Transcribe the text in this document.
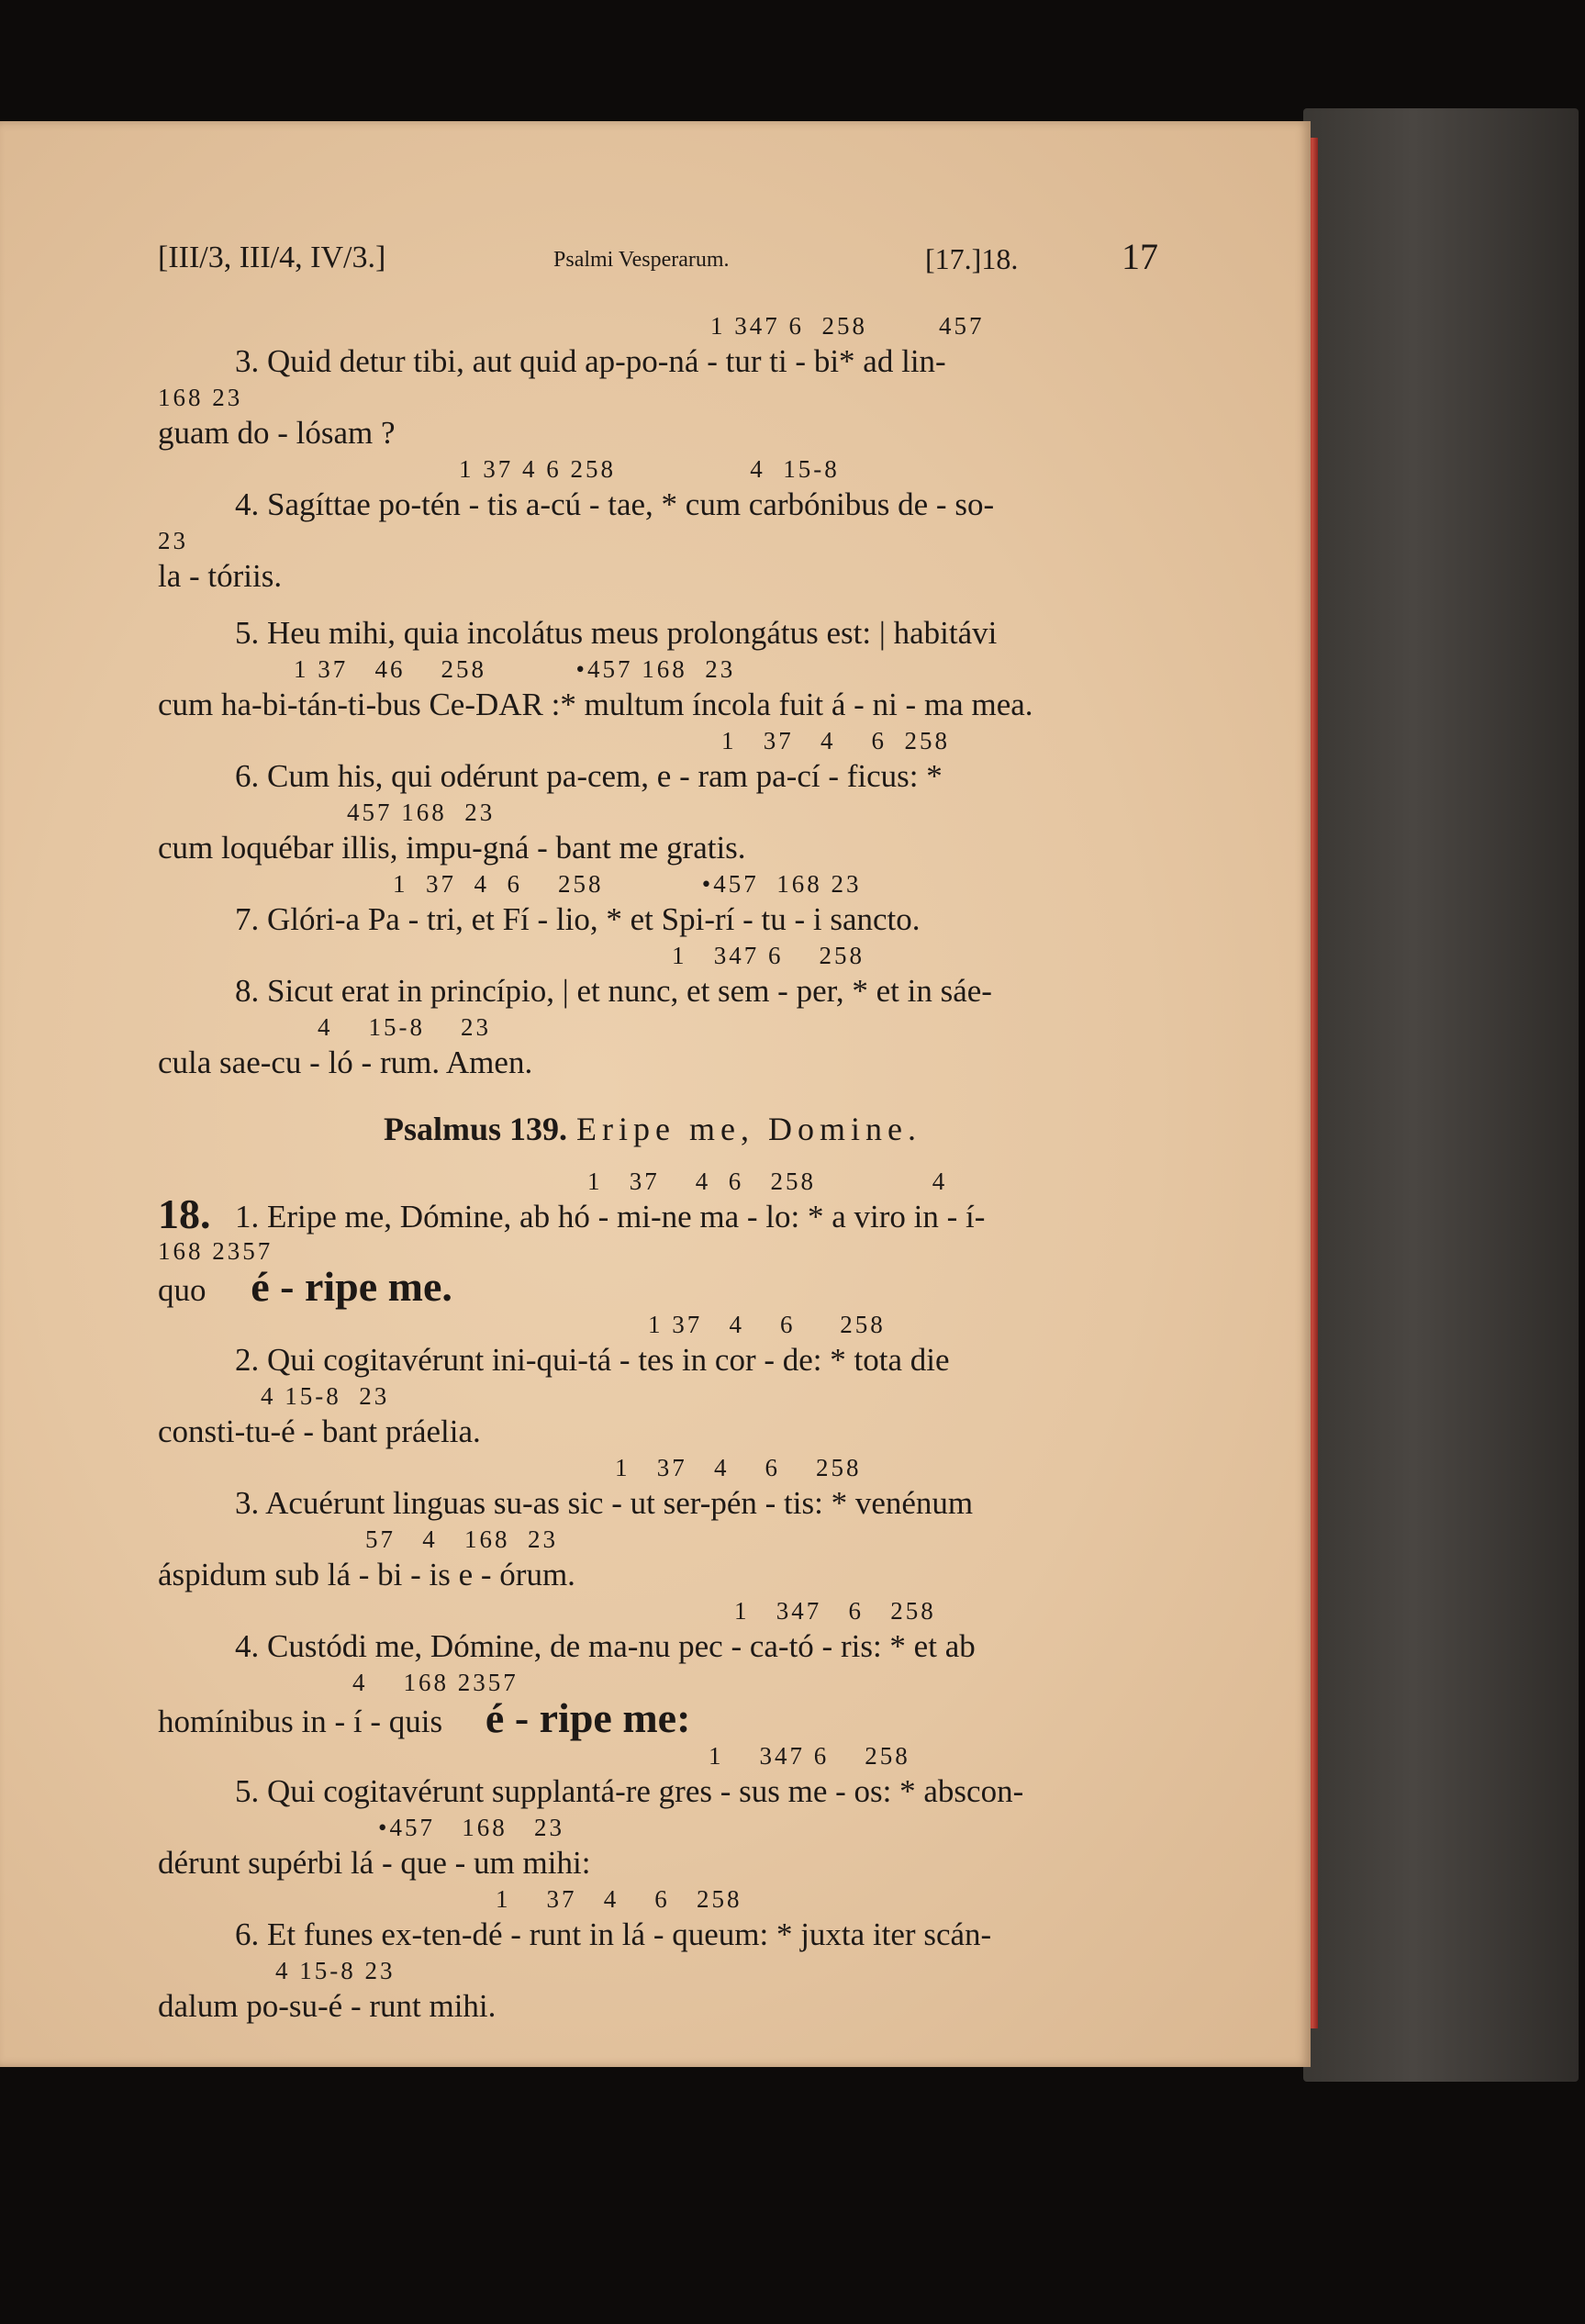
[III/3, III/4, IV/3.]	Psalmi Vesperarum.	[17.]18.	17
1 347 6  258        457
3. Quid detur tibi, aut quid ap-po-ná - tur ti - bi* ad lin-
168 23
guam do - lósam ?
1 37 4 6 258               4  15-8
4. Sagíttae po-tén - tis a-cú - tae, * cum carbónibus de - so-
23
la - tóriis.
5. Heu mihi, quia incolátus meus prolongátus est: | habitávi
1 37   46    258          •457 168  23
cum ha-bi-tán-ti-bus Ce-DAR :* multum íncola fuit á - ni - ma mea.
1   37   4    6  258
6. Cum his, qui odérunt pa-cem, e - ram pa-cí - ficus: *
457 168  23
cum loquébar illis, impu-gná - bant me gratis.
1  37  4  6    258           •457  168 23
7. Glóri-a Pa - tri, et Fí - lio, * et Spi-rí - tu - i sancto.
1   347 6    258
8. Sicut erat in princípio, | et nunc, et sem - per, * et in sáe-
4    15-8    23
cula sae-cu - ló - rum. Amen.
Psalmus 139. Eripe me, Domine.
1   37    4  6   258             4
18. 1. Eripe me, Dómine, ab hó - mi-ne ma - lo: * a viro in - í-
168 2357
quo é - ripe me.
1 37   4    6     258
2. Qui cogitavérunt ini-qui-tá - tes in cor - de: * tota die
4 15-8  23
consti-tu-é - bant práelia.
1   37   4    6    258
3. Acuérunt linguas su-as sic - ut ser-pén - tis: * venénum
57   4   168  23
áspidum sub lá - bi - is e - órum.
1   347   6   258
4. Custódi me, Dómine, de ma-nu pec - ca-tó - ris: * et ab
4    168 2357
homínibus in - í - quis é - ripe me:
1    347 6    258
5. Qui cogitavérunt supplantá-re gres - sus me - os: * abscon-
•457   168   23
dérunt supérbi lá - que - um mihi:
1    37   4    6   258
6. Et funes ex-ten-dé - runt in lá - queum: * juxta iter scán-
4 15-8 23
dalum po-su-é - runt mihi.
